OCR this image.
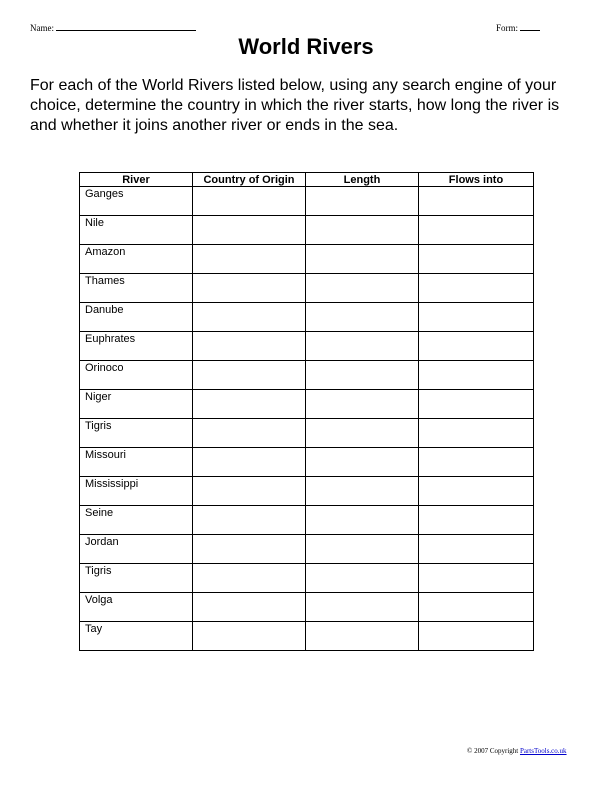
Name:	Form:
World Rivers

For each of the World Rivers listed below, using any search engine of your choice, determine the country in which the river starts, how long the river is and whether it joins another river or ends in the sea.

River	Country of Origin	Length	Flows into
Ganges			
Nile			
Amazon			
Thames			
Danube			
Euphrates			
Orinoco			
Niger			
Tigris			
Missouri			
Mississippi			
Seine			
Jordan			
Tigris			
Volga			
Tay			
© 2007 Copyright PartsTools.co.uk
